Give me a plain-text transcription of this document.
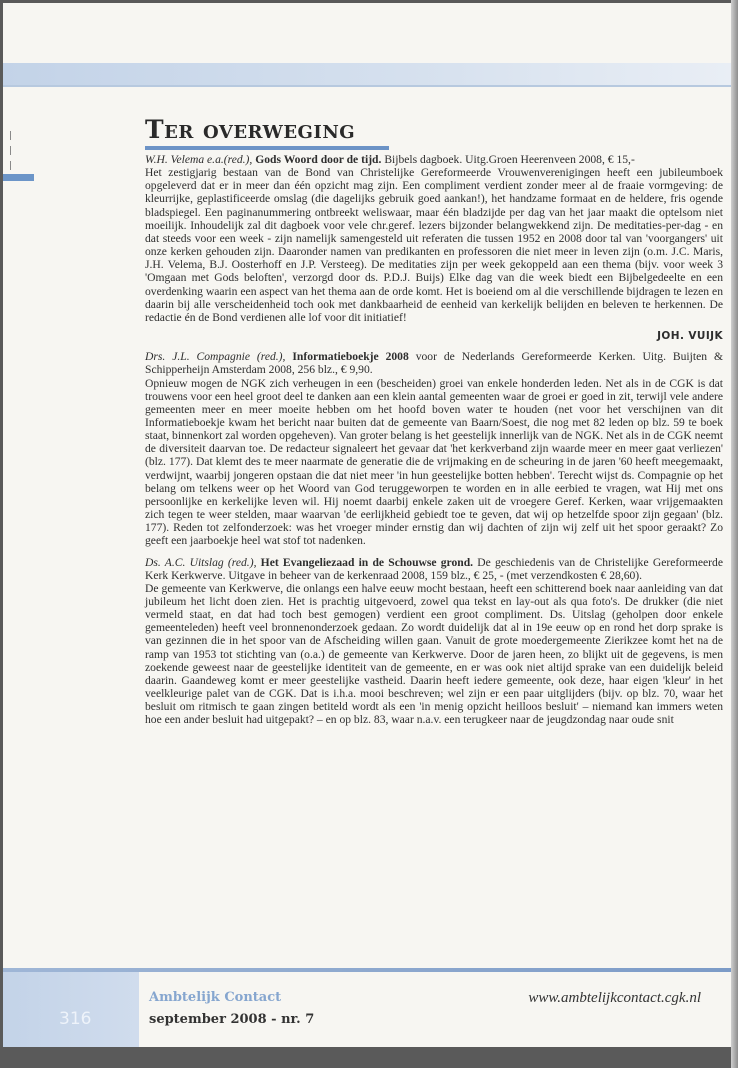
Ter overweging

W.H. Velema e.a.(red.), Gods Woord door de tijd. Bijbels dagboek. Uitg.Groen Heerenveen 2008, € 15,-

Het zestigjarig bestaan van de Bond van Christelijke Gereformeerde Vrouwenverenigingen heeft een jubileumboek opgeleverd dat er in meer dan één opzicht mag zijn. Een compliment verdient zonder meer al de fraaie vormgeving: de kleurrijke, geplastificeerde omslag (die dagelijks gebruik goed aankan!), het handzame formaat en de heldere, fris ogende bladspiegel. Een paginanummering ontbreekt weliswaar, maar één bladzijde per dag van het jaar maakt die optelsom niet moeilijk. Inhoudelijk zal dit dagboek voor vele chr.geref. lezers bijzonder belangwekkend zijn. De meditaties-per-dag - en dat steeds voor een week - zijn namelijk samengesteld uit referaten die tussen 1952 en 2008 door tal van 'voorgangers' uit onze kerken gehouden zijn. Daaronder namen van predikanten en professoren die niet meer in leven zijn (o.m. J.C. Maris, J.H. Velema, B.J. Oosterhoff en J.P. Versteeg). De meditaties zijn per week gekoppeld aan een thema (bijv. voor week 3 'Omgaan met Gods beloften', verzorgd door ds. P.D.J. Buijs) Elke dag van die week biedt een Bijbelgedeelte en een overdenking waarin een aspect van het thema aan de orde komt. Het is boeiend om al die verschillende bijdragen te lezen en daarin bij alle verscheidenheid toch ook met dankbaarheid de eenheid van kerkelijk belijden en beleven te herkennen. De redactie én de Bond verdienen alle lof voor dit initiatief!

JOH. VUIJK

Drs. J.L. Compagnie (red.), Informatieboekje 2008 voor de Nederlands Gereformeerde Kerken. Uitg. Buijten & Schipperheijn Amsterdam 2008, 256 blz., € 9,90.

Opnieuw mogen de NGK zich verheugen in een (bescheiden) groei van enkele honderden leden. Net als in de CGK is dat trouwens voor een heel groot deel te danken aan een klein aantal gemeenten waar de groei er goed in zit, terwijl vele andere gemeenten meer en meer moeite hebben om het hoofd boven water te houden (net voor het verschijnen van dit Informatieboekje kwam het bericht naar buiten dat de gemeente van Baarn/Soest, die nog met 82 leden op blz. 59 te boek staat, binnenkort zal worden opgeheven). Van groter belang is het geestelijk innerlijk van de NGK. Net als in de CGK neemt de diversiteit daarvan toe. De redacteur signaleert het gevaar dat 'het kerkverband zijn waarde meer en meer gaat verliezen' (blz. 177). Dat klemt des te meer naarmate de generatie die de vrijmaking en de scheuring in de jaren '60 heeft meegemaakt, verdwijnt, waarbij jongeren opstaan die dat niet meer 'in hun geestelijke botten hebben'. Terecht wijst ds. Compagnie op het belang om telkens weer op het Woord van God teruggeworpen te worden en in alle eerbied te vragen, wat Hij met ons persoonlijke en kerkelijke leven wil. Hij noemt daarbij enkele zaken uit de vroegere Geref. Kerken, waar vrijgemaakten zich tegen te weer stelden, maar waarvan 'de eerlijkheid gebiedt toe te geven, dat wij op hetzelfde spoor zijn gegaan' (blz. 177). Reden tot zelfonderzoek: was het vroeger minder ernstig dan wij dachten of zijn wij zelf uit het spoor geraakt? Zo geeft een jaarboekje heel wat stof tot nadenken.

Ds. A.C. Uitslag (red.), Het Evangeliezaad in de Schouwse grond. De geschiedenis van de Christelijke Gereformeerde Kerk Kerkwerve. Uitgave in beheer van de kerkenraad 2008, 159 blz., € 25, - (met verzendkosten € 28,60).

De gemeente van Kerkwerve, die onlangs een halve eeuw mocht bestaan, heeft een schitterend boek naar aanleiding van dat jubileum het licht doen zien. Het is prachtig uitgevoerd, zowel qua tekst en lay-out als qua foto's. De drukker (die niet vermeld staat, en dat had toch best gemogen) verdient een groot compliment. Ds. Uitslag (geholpen door enkele gemeenteleden) heeft veel bronnenonderzoek gedaan. Zo wordt duidelijk dat al in 19e eeuw op en rond het dorp sprake is van gezinnen die in het spoor van de Afscheiding willen gaan. Vanuit de grote moedergemeente Zierikzee komt het na de ramp van 1953 tot stichting van (o.a.) de gemeente van Kerkwerve. Door de jaren heen, zo blijkt uit de gegevens, is men zoekende geweest naar de geestelijke identiteit van de gemeente, en er was ook niet altijd sprake van een duidelijk beleid daarin. Gaandeweg komt er meer geestelijke vastheid. Daarin heeft iedere gemeente, ook deze, haar eigen 'kleur' in het veelkleurige palet van de CGK. Dat is i.h.a. mooi beschreven; wel zijn er een paar uitglijders (bijv. op blz. 70, waar het besluit om ritmisch te gaan zingen betiteld wordt als een 'in menig opzicht heilloos besluit' – niemand kan immers weten hoe een ander besluit had uitgepakt? – en op blz. 83, waar n.a.v. een terugkeer naar de jeugdzondag naar oude snit

316
Ambtelijk Contact
september 2008 - nr. 7
www.ambtelijkcontact.cgk.nl
